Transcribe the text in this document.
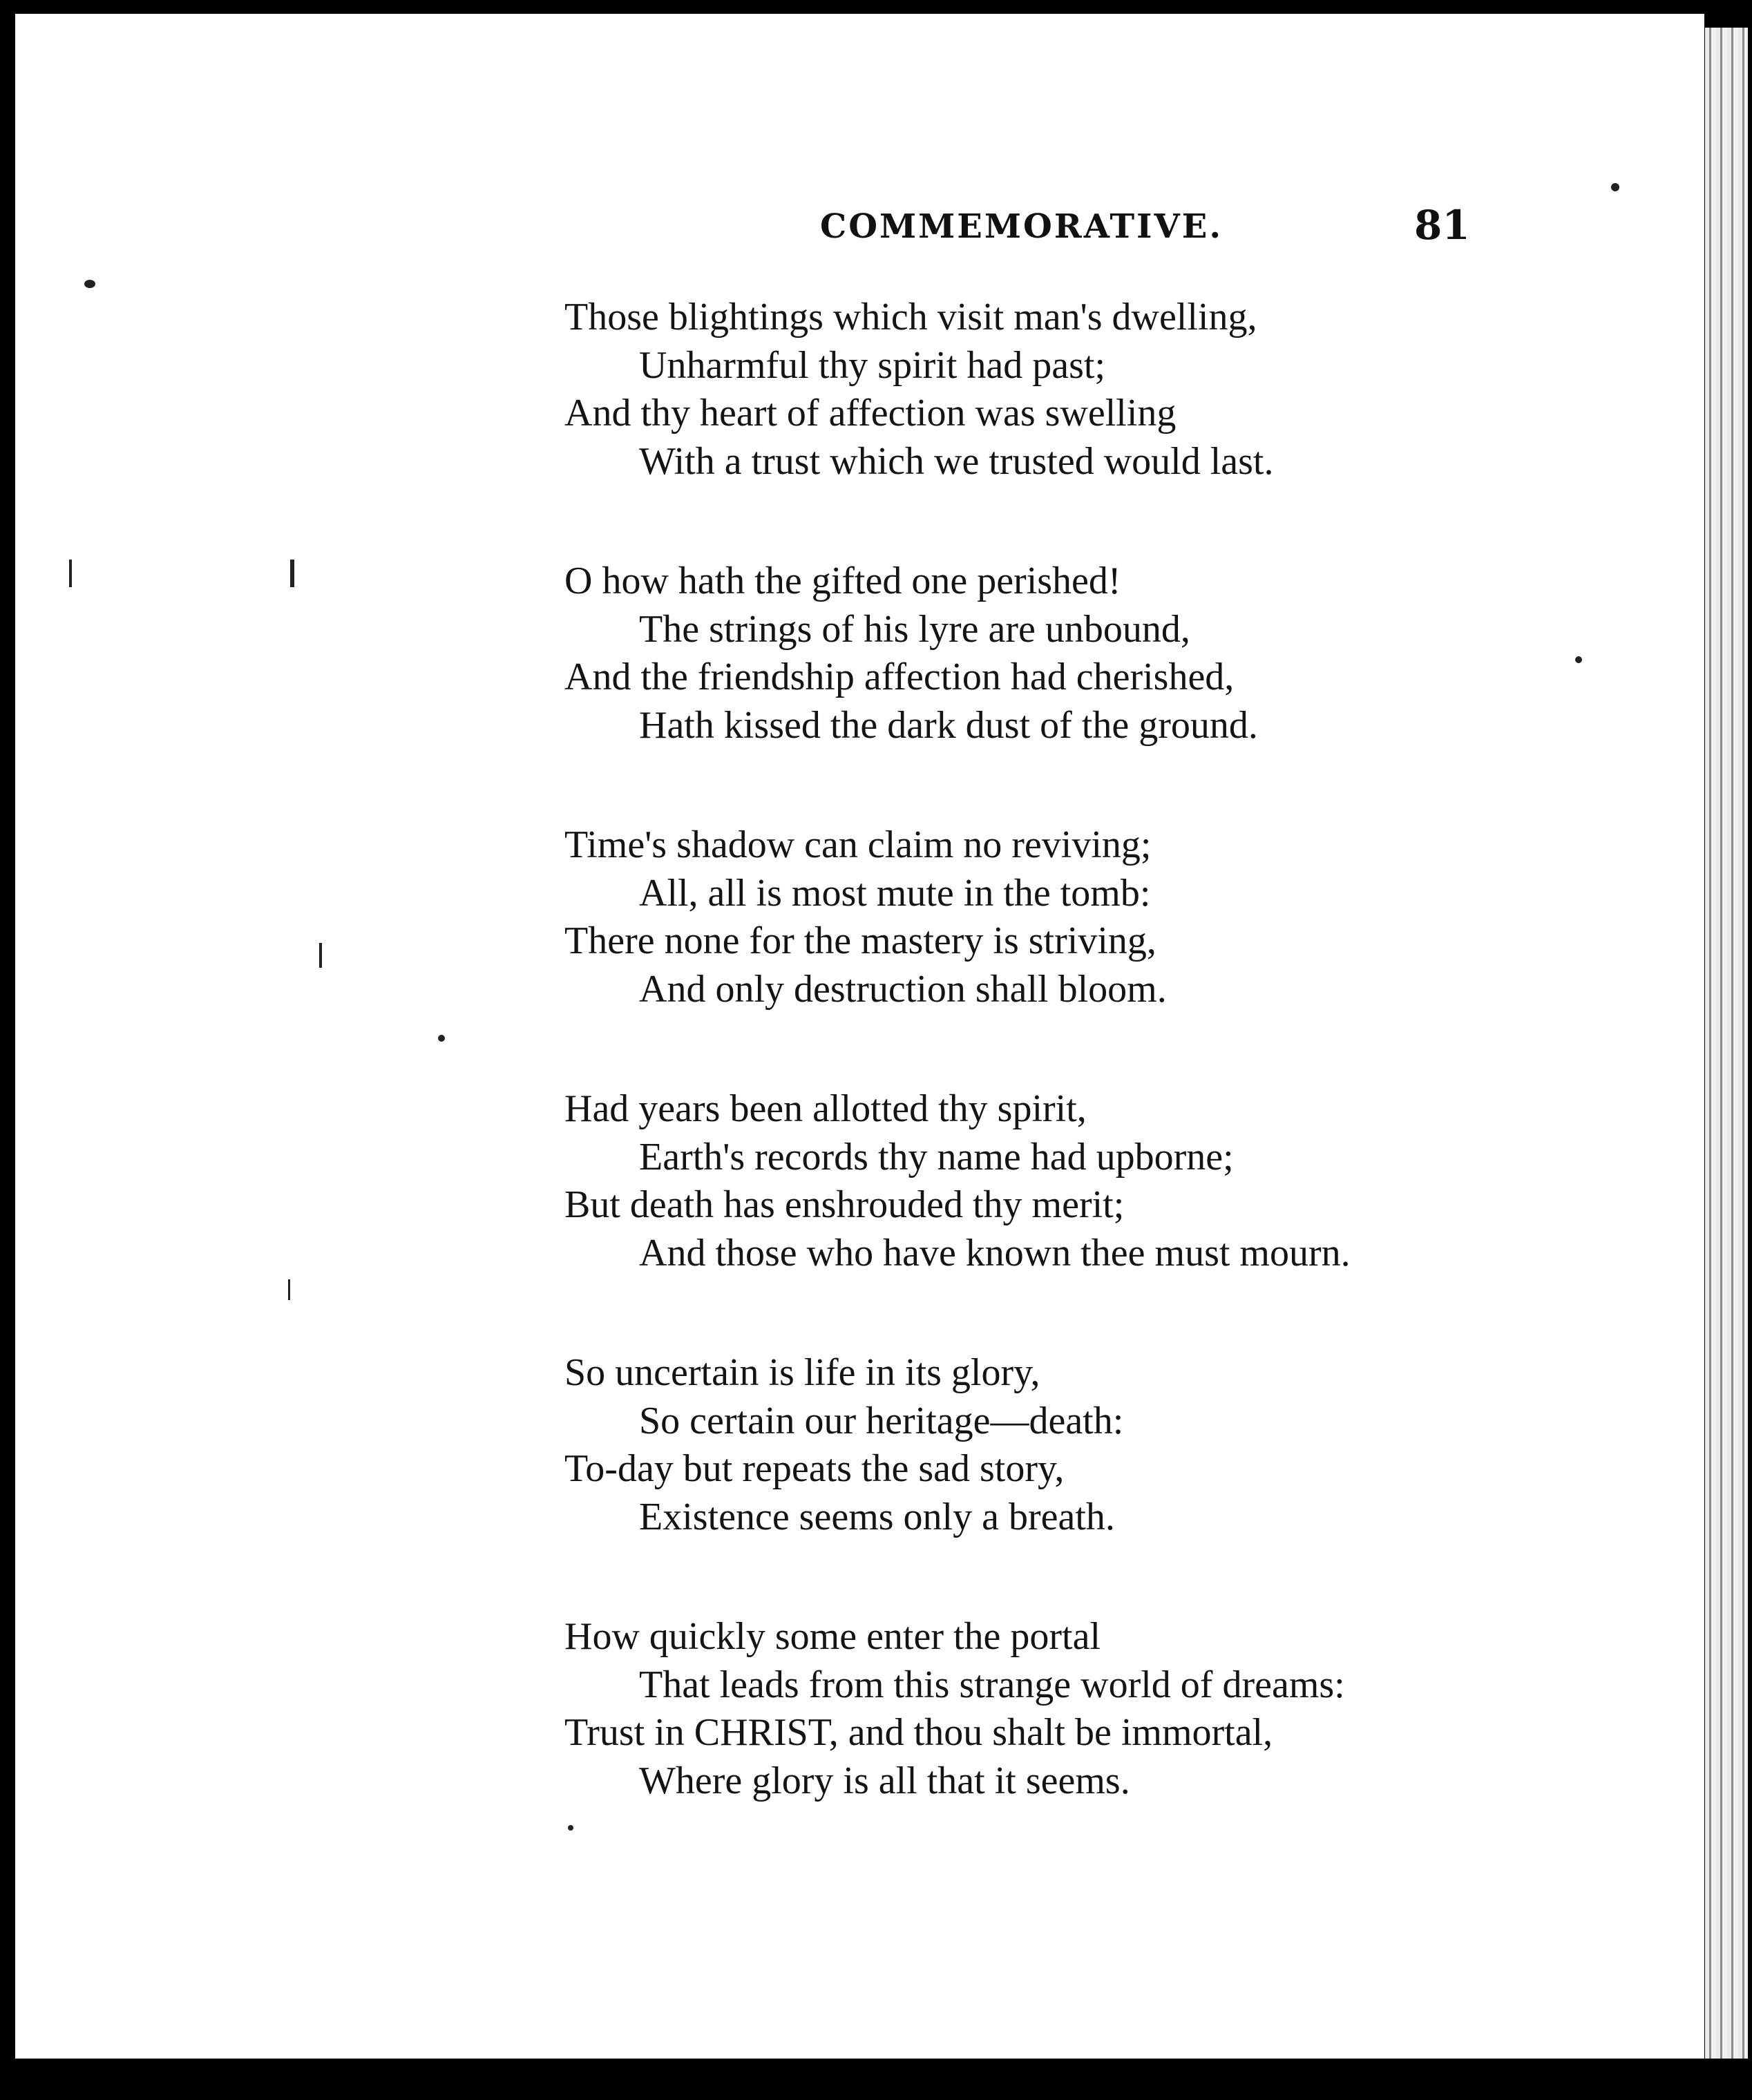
COMMEMORATIVE.	81
Those blightings which visit man's dwelling,
Unharmful thy spirit had past;
And thy heart of affection was swelling
With a trust which we trusted would last.
O how hath the gifted one perished!
The strings of his lyre are unbound,
And the friendship affection had cherished,
Hath kissed the dark dust of the ground.
Time's shadow can claim no reviving;
All, all is most mute in the tomb:
There none for the mastery is striving,
And only destruction shall bloom.
Had years been allotted thy spirit,
Earth's records thy name had upborne;
But death has enshrouded thy merit;
And those who have known thee must mourn.
So uncertain is life in its glory,
So certain our heritage—death:
To-day but repeats the sad story,
Existence seems only a breath.
How quickly some enter the portal
That leads from this strange world of dreams:
Trust in CHRIST, and thou shalt be immortal,
Where glory is all that it seems.
